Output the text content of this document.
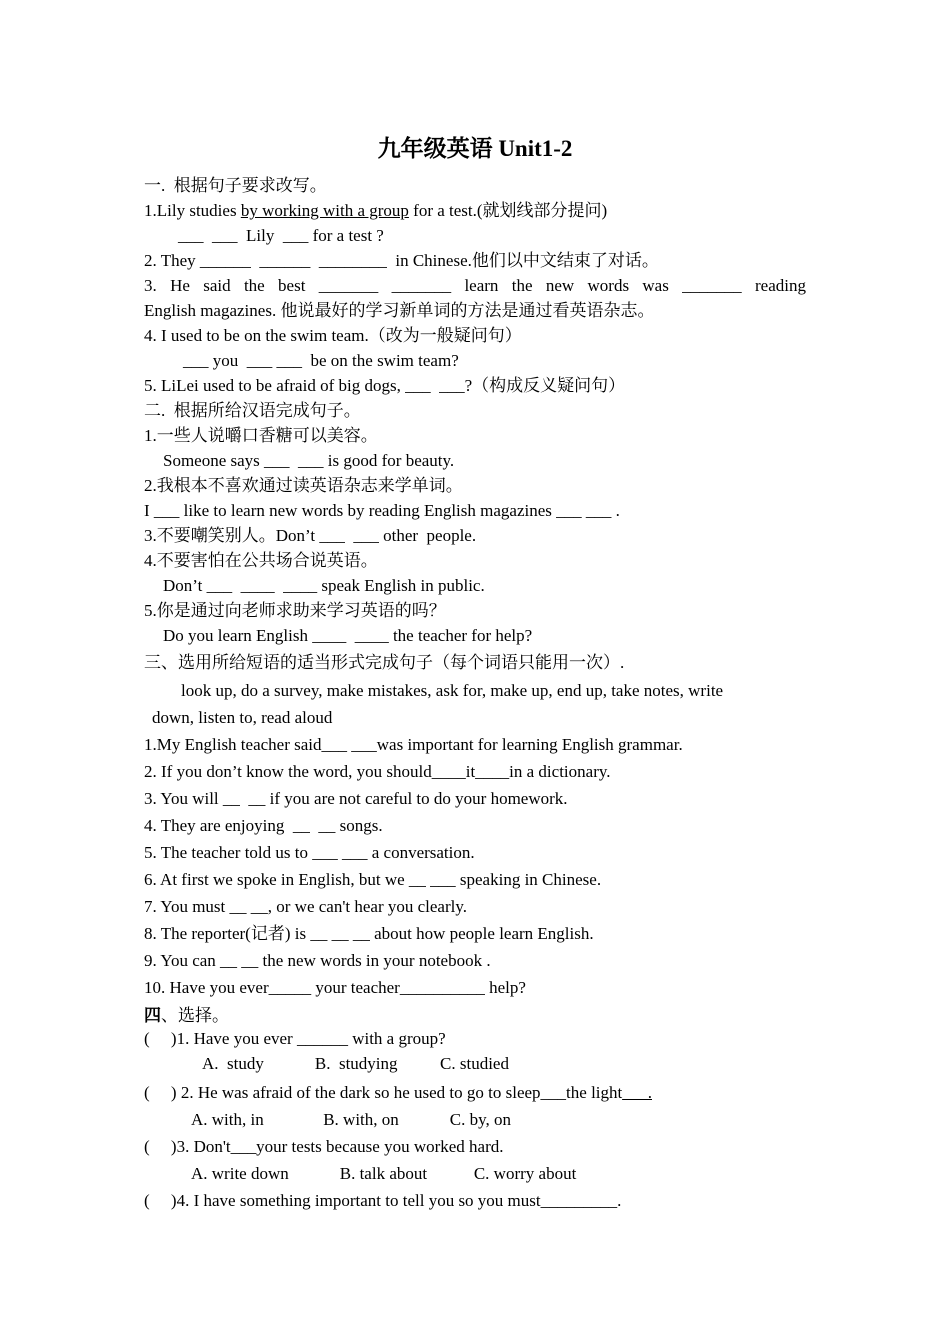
九年级英语 Unit1-2
一.  根据句子要求改写。
1.Lily studies by working with a group for a test.(就划线部分提问)
___  ___  Lily  ___ for a test ?
2. They ______  ______  ________  in Chinese.他们以中文结束了对话。
3. He said the best _______ _______ learn the new words was _______ reading
English magazines. 他说最好的学习新单词的方法是通过看英语杂志。
4. I used to be on the swim team.（改为一般疑问句）
___ you  ___ ___  be on the swim team?
5. LiLei used to be afraid of big dogs, ___  ___?（构成反义疑问句）
二.  根据所给汉语完成句子。
1.一些人说嚼口香糖可以美容。
Someone says ___  ___ is good for beauty.
2.我根本不喜欢通过读英语杂志来学单词。
I ___ like to learn new words by reading English magazines ___ ___ .
3.不要嘲笑别人。Don’t ___  ___ other  people.
4.不要害怕在公共场合说英语。
Don’t ___  ____  ____ speak English in public.
5.你是通过向老师求助来学习英语的吗？
Do you learn English ____  ____ the teacher for help?
三、选用所给短语的适当形式完成句子（每个词语只能用一次）.
look up, do a survey, make mistakes, ask for, make up, end up, take notes, write
down, listen to, read aloud
1.My English teacher said___ ___was important for learning English grammar.
2. If you don’t know the word, you should____it____in a dictionary.
3. You will __  __ if you are not careful to do your homework.
4. They are enjoying  __  __ songs.
5. The teacher told us to ___ ___ a conversation.
6. At first we spoke in English, but we __ ___ speaking in Chinese.
7. You must __ __, or we can't hear you clearly.
8. The reporter(记者) is __ __ __ about how people learn English.
9. You can __ __ the new words in your notebook .
10. Have you ever_____ your teacher__________ help?
四、选择。
(     )1. Have you ever ______ with a group?
A.  study            B.  studying          C. studied
(     ) 2. He was afraid of the dark so he used to go to sleep___the light___.
A. with, in              B. with, on            C. by, on
(     )3. Don't___your tests because you worked hard.
A. write down            B. talk about           C. worry about
(     )4. I have something important to tell you so you must_________.
